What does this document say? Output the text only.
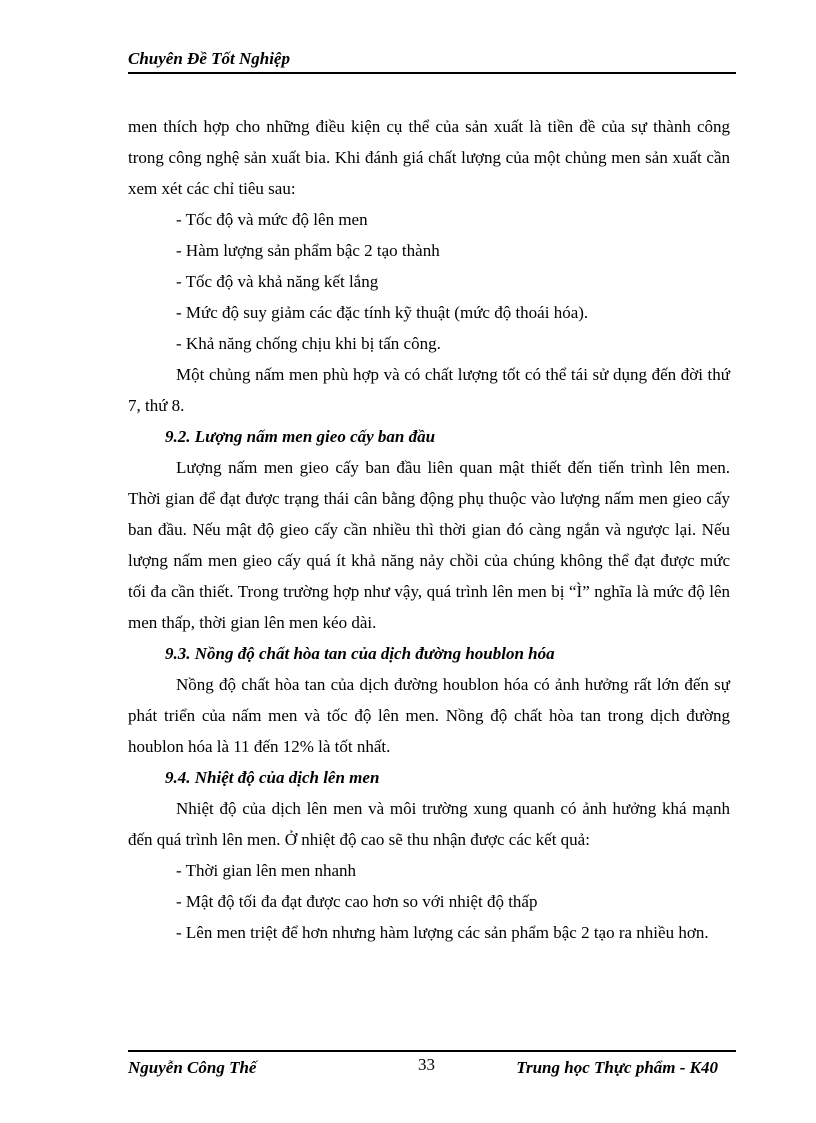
Chuyên Đề Tốt Nghiệp

men thích hợp cho những điều kiện cụ thể của sản xuất là tiền đề của sự thành công trong công nghệ sản xuất bia. Khi đánh giá chất lượng của một chủng men sản xuất cần xem xét các chỉ tiêu sau:

- Tốc độ và mức độ lên men

- Hàm lượng sản phẩm bậc 2 tạo thành

- Tốc độ và khả năng kết lắng

- Mức độ suy giảm các đặc tính kỹ thuật (mức độ thoái hóa).

- Khả năng chống chịu khi bị tấn công.

Một chủng nấm men phù hợp và có chất lượng tốt có thể tái sử dụng đến đời thứ 7, thứ 8.

9.2. Lượng nấm men gieo cấy ban đầu

Lượng nấm men gieo cấy ban đầu liên quan mật thiết đến tiến trình lên men. Thời gian để đạt được trạng thái cân bằng động phụ thuộc vào lượng nấm men gieo cấy ban đầu. Nếu mật độ gieo cấy cần nhiều thì thời gian đó càng ngắn và ngược lại. Nếu lượng nấm men gieo cấy quá ít khả năng nảy chồi của chúng không thể đạt được mức tối đa cần thiết. Trong trường hợp như vậy, quá trình lên men bị “Ì” nghĩa là mức độ lên men thấp, thời gian lên men kéo dài.

9.3. Nồng độ chất hòa tan của dịch đường houblon hóa

Nồng độ chất hòa tan của dịch đường houblon hóa có ảnh hưởng rất lớn đến sự phát triển của nấm men và tốc độ lên men. Nồng độ chất hòa tan trong dịch đường houblon hóa là 11 đến 12% là tốt nhất.

9.4. Nhiệt độ của dịch lên men

Nhiệt độ của dịch lên men và môi trường xung quanh có ảnh hưởng khá mạnh đến quá trình lên men. Ở nhiệt độ cao sẽ thu nhận được các kết quả:

- Thời gian lên men nhanh

- Mật độ tối đa đạt được cao hơn so với nhiệt độ thấp

- Lên men triệt để hơn nhưng hàm lượng các sản phẩm bậc 2 tạo ra nhiều hơn.

Nguyễn Công Thế	33	Trung học Thực phẩm - K40
